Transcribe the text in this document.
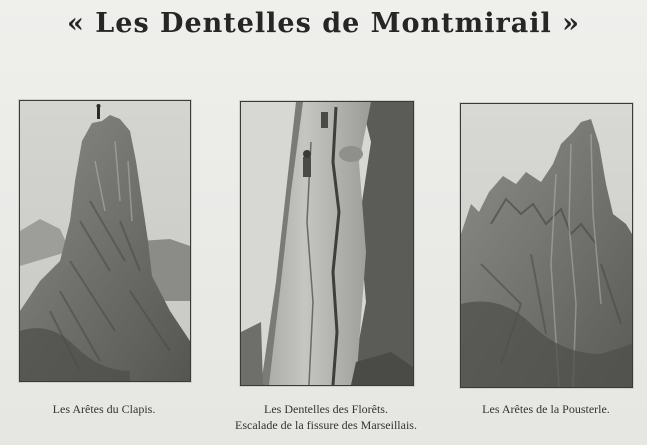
« Les Dentelles de Montmirail »
Les Arêtes du Clapis.	Les Dentelles des Florêts.
Escalade de la fissure des Marseillais.
Les Arêtes de la Pousterle.
